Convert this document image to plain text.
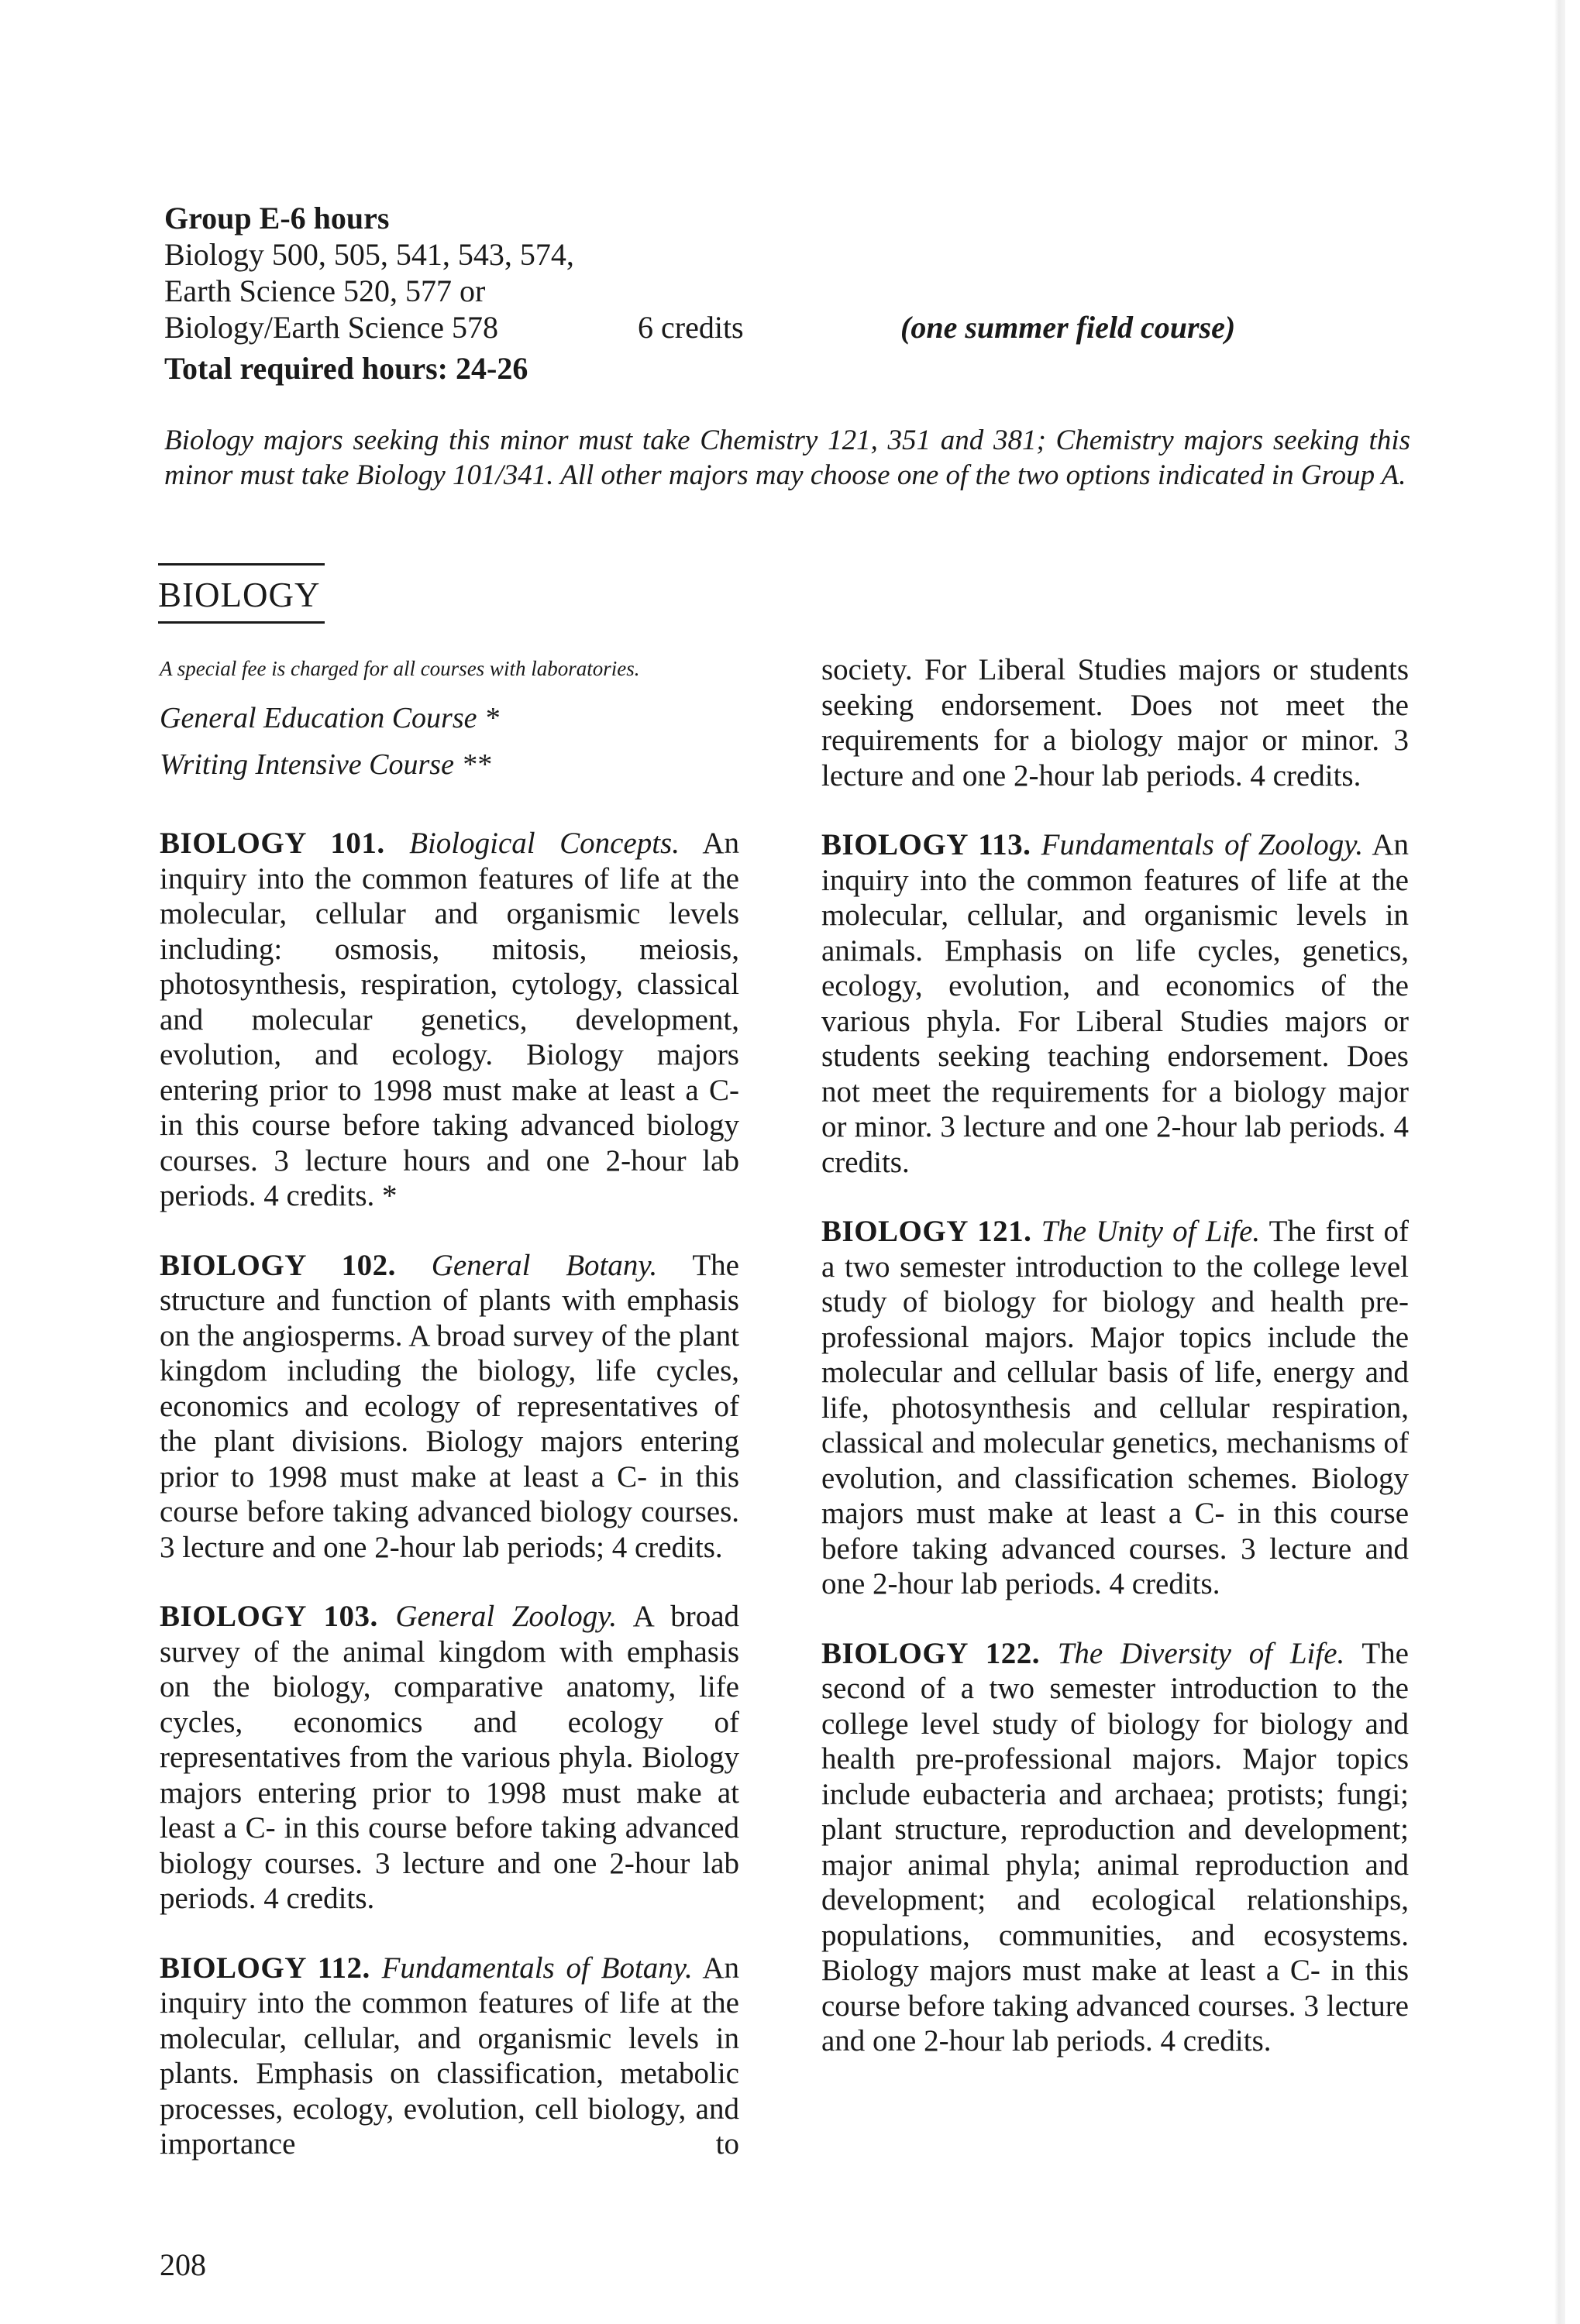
Group E-6 hours
Biology 500, 505, 541, 543, 574,
Earth Science 520, 577 or
Biology/Earth Science 578	6 credits	(one summer field course)
Total required hours: 24-26
Biology majors seeking this minor must take Chemistry 121, 351 and 381; Chemistry majors seeking this minor must take Biology 101/341. All other majors may choose one of the two options indicated in Group A.
BIOLOGY

A special fee is charged for all courses with laboratories.

General Education Course *

Writing Intensive Course **

BIOLOGY 101. Biological Concepts. An inquiry into the common features of life at the molecular, cellular and organismic levels including: osmosis, mitosis, meiosis, photosynthesis, respiration, cytology, classical and molecular genetics, development, evolution, and ecology. Biology majors entering prior to 1998 must make at least a C- in this course before taking advanced biology courses. 3 lecture hours and one 2-hour lab periods. 4 credits. *

BIOLOGY 102. General Botany. The structure and function of plants with emphasis on the angiosperms. A broad survey of the plant kingdom including the biology, life cycles, economics and ecology of representatives of the plant divisions. Biology majors entering prior to 1998 must make at least a C- in this course before taking advanced biology courses. 3 lecture and one 2-hour lab periods; 4 credits.

BIOLOGY 103. General Zoology. A broad survey of the animal kingdom with emphasis on the biology, comparative anatomy, life cycles, economics and ecology of representatives from the various phyla. Biology majors entering prior to 1998 must make at least a C- in this course before taking advanced biology courses. 3 lecture and one 2-hour lab periods. 4 credits.

BIOLOGY 112. Fundamentals of Botany. An inquiry into the common features of life at the molecular, cellular, and organismic levels in plants. Emphasis on classification, metabolic processes, ecology, evolution, cell biology, and importance to

society. For Liberal Studies majors or students seeking endorsement. Does not meet the requirements for a biology major or minor. 3 lecture and one 2-hour lab periods. 4 credits.

BIOLOGY 113. Fundamentals of Zoology. An inquiry into the common features of life at the molecular, cellular, and organismic levels in animals. Emphasis on life cycles, genetics, ecology, evolution, and economics of the various phyla. For Liberal Studies majors or students seeking teaching endorsement. Does not meet the requirements for a biology major or minor. 3 lecture and one 2-hour lab periods. 4 credits.

BIOLOGY 121. The Unity of Life. The first of a two semester introduction to the college level study of biology for biology and health pre-professional majors. Major topics include the molecular and cellular basis of life, energy and life, photosynthesis and cellular respiration, classical and molecular genetics, mechanisms of evolution, and classification schemes. Biology majors must make at least a C- in this course before taking advanced courses. 3 lecture and one 2-hour lab periods. 4 credits.

BIOLOGY 122. The Diversity of Life. The second of a two semester introduction to the college level study of biology for biology and health pre-professional majors. Major topics include eubacteria and archaea; protists; fungi; plant structure, reproduction and development; major animal phyla; animal reproduction and development; and ecological relationships, populations, communities, and ecosystems. Biology majors must make at least a C- in this course before taking advanced courses. 3 lecture and one 2-hour lab periods. 4 credits.

208
